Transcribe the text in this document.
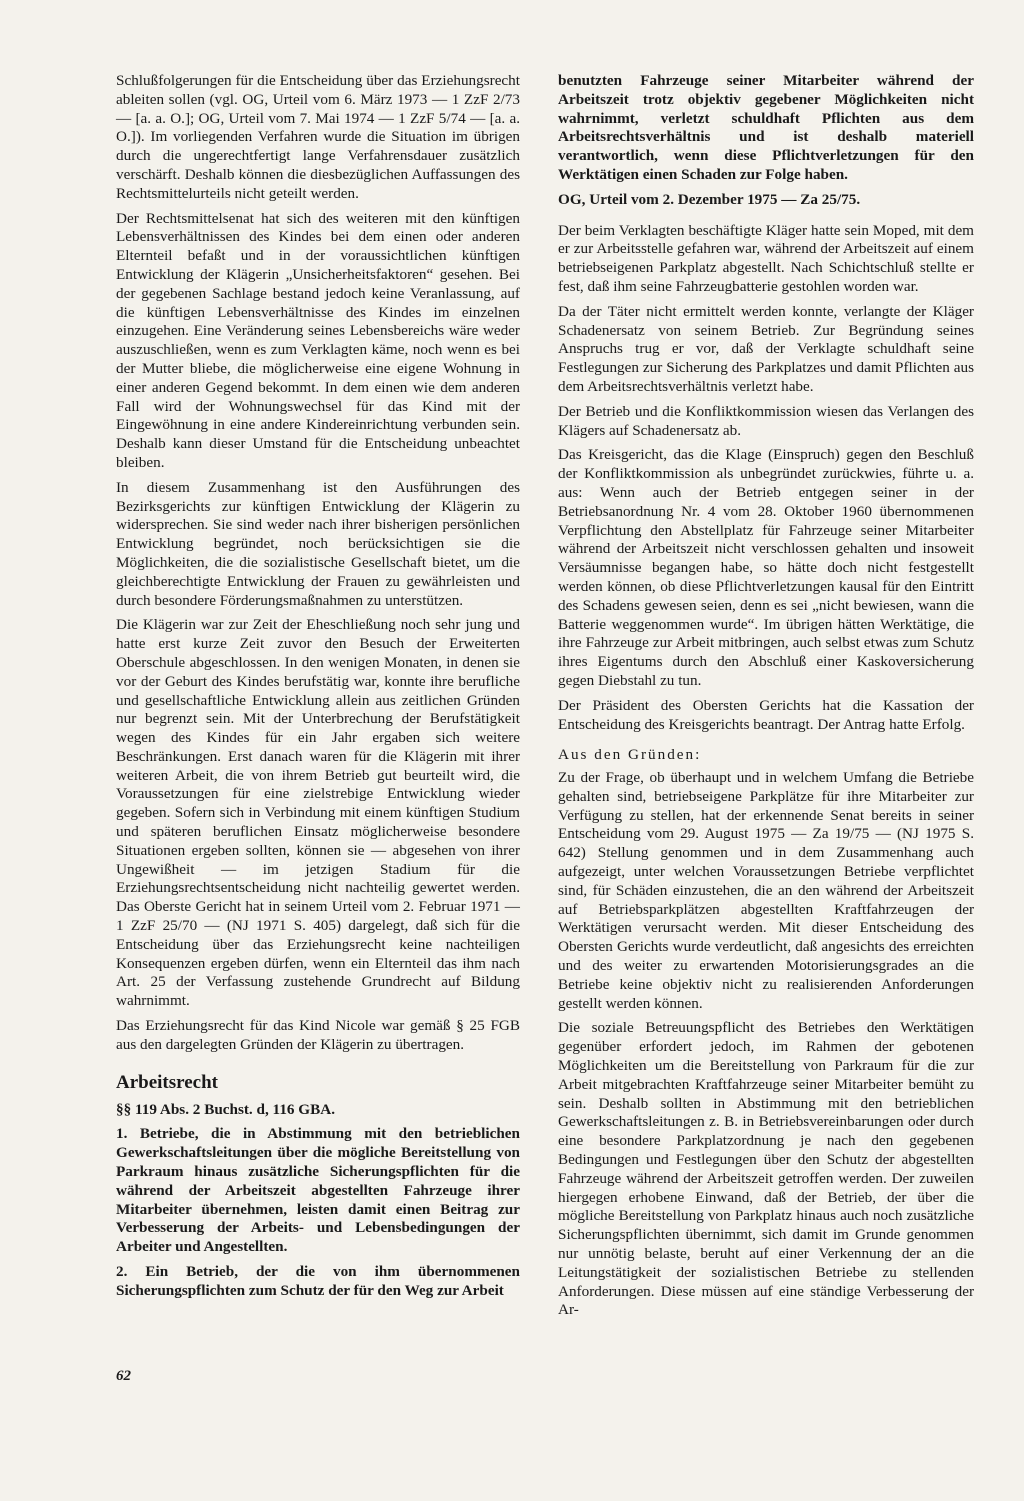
Schlußfolgerungen für die Entscheidung über das Erziehungsrecht ableiten sollen (vgl. OG, Urteil vom 6. März 1973 — 1 ZzF 2/73 — [a. a. O.]; OG, Urteil vom 7. Mai 1974 — 1 ZzF 5/74 — [a. a. O.]). Im vorliegenden Verfahren wurde die Situation im übrigen durch die ungerechtfertigt lange Verfahrensdauer zusätzlich verschärft. Deshalb können die diesbezüglichen Auffassungen des Rechtsmittelurteils nicht geteilt werden.

Der Rechtsmittelsenat hat sich des weiteren mit den künftigen Lebensverhältnissen des Kindes bei dem einen oder anderen Elternteil befaßt und in der voraussichtlichen künftigen Entwicklung der Klägerin „Unsicherheitsfaktoren“ gesehen. Bei der gegebenen Sachlage bestand jedoch keine Veranlassung, auf die künftigen Lebensverhältnisse des Kindes im einzelnen einzugehen. Eine Veränderung seines Lebensbereichs wäre weder auszuschließen, wenn es zum Verklagten käme, noch wenn es bei der Mutter bliebe, die möglicherweise eine eigene Wohnung in einer anderen Gegend bekommt. In dem einen wie dem anderen Fall wird der Wohnungswechsel für das Kind mit der Eingewöhnung in eine andere Kindereinrichtung verbunden sein. Deshalb kann dieser Umstand für die Entscheidung unbeachtet bleiben.

In diesem Zusammenhang ist den Ausführungen des Bezirksgerichts zur künftigen Entwicklung der Klägerin zu widersprechen. Sie sind weder nach ihrer bisherigen persönlichen Entwicklung begründet, noch berücksichtigen sie die Möglichkeiten, die die sozialistische Gesellschaft bietet, um die gleichberechtigte Entwicklung der Frauen zu gewährleisten und durch besondere Förderungsmaßnahmen zu unterstützen.

Die Klägerin war zur Zeit der Eheschließung noch sehr jung und hatte erst kurze Zeit zuvor den Besuch der Erweiterten Oberschule abgeschlossen. In den wenigen Monaten, in denen sie vor der Geburt des Kindes berufstätig war, konnte ihre berufliche und gesellschaftliche Entwicklung allein aus zeitlichen Gründen nur begrenzt sein. Mit der Unterbrechung der Berufstätigkeit wegen des Kindes für ein Jahr ergaben sich weitere Beschränkungen. Erst danach waren für die Klägerin mit ihrer weiteren Arbeit, die von ihrem Betrieb gut beurteilt wird, die Voraussetzungen für eine zielstrebige Entwicklung wieder gegeben. Sofern sich in Verbindung mit einem künftigen Studium und späteren beruflichen Einsatz möglicherweise besondere Situationen ergeben sollten, können sie — abgesehen von ihrer Ungewißheit — im jetzigen Stadium für die Erziehungsrechtsentscheidung nicht nachteilig gewertet werden. Das Oberste Gericht hat in seinem Urteil vom 2. Februar 1971 — 1 ZzF 25/70 — (NJ 1971 S. 405) dargelegt, daß sich für die Entscheidung über das Erziehungsrecht keine nachteiligen Konsequenzen ergeben dürfen, wenn ein Elternteil das ihm nach Art. 25 der Verfassung zustehende Grundrecht auf Bildung wahrnimmt.

Das Erziehungsrecht für das Kind Nicole war gemäß § 25 FGB aus den dargelegten Gründen der Klägerin zu übertragen.

Arbeitsrecht

§§ 119 Abs. 2 Buchst. d, 116 GBA.

1. Betriebe, die in Abstimmung mit den betrieblichen Gewerkschaftsleitungen über die mögliche Bereitstellung von Parkraum hinaus zusätzliche Sicherungspflichten für die während der Arbeitszeit abgestellten Fahrzeuge ihrer Mitarbeiter übernehmen, leisten damit einen Beitrag zur Verbesserung der Arbeits- und Lebensbedingungen der Arbeiter und Angestellten.

2. Ein Betrieb, der die von ihm übernommenen Sicherungspflichten zum Schutz der für den Weg zur Arbeit

benutzten Fahrzeuge seiner Mitarbeiter während der Arbeitszeit trotz objektiv gegebener Möglichkeiten nicht wahrnimmt, verletzt schuldhaft Pflichten aus dem Arbeitsrechtsverhältnis und ist deshalb materiell verantwortlich, wenn diese Pflichtverletzungen für den Werktätigen einen Schaden zur Folge haben.

OG, Urteil vom 2. Dezember 1975 — Za 25/75.

Der beim Verklagten beschäftigte Kläger hatte sein Moped, mit dem er zur Arbeitsstelle gefahren war, während der Arbeitszeit auf einem betriebseigenen Parkplatz abgestellt. Nach Schichtschluß stellte er fest, daß ihm seine Fahrzeugbatterie gestohlen worden war.

Da der Täter nicht ermittelt werden konnte, verlangte der Kläger Schadenersatz von seinem Betrieb. Zur Begründung seines Anspruchs trug er vor, daß der Verklagte schuldhaft seine Festlegungen zur Sicherung des Parkplatzes und damit Pflichten aus dem Arbeitsrechtsverhältnis verletzt habe.

Der Betrieb und die Konfliktkommission wiesen das Verlangen des Klägers auf Schadenersatz ab.

Das Kreisgericht, das die Klage (Einspruch) gegen den Beschluß der Konfliktkommission als unbegründet zurückwies, führte u. a. aus: Wenn auch der Betrieb entgegen seiner in der Betriebsanordnung Nr. 4 vom 28. Oktober 1960 übernommenen Verpflichtung den Abstellplatz für Fahrzeuge seiner Mitarbeiter während der Arbeitszeit nicht verschlossen gehalten und insoweit Versäumnisse begangen habe, so hätte doch nicht festgestellt werden können, ob diese Pflichtverletzungen kausal für den Eintritt des Schadens gewesen seien, denn es sei „nicht bewiesen, wann die Batterie weggenommen wurde“. Im übrigen hätten Werktätige, die ihre Fahrzeuge zur Arbeit mitbringen, auch selbst etwas zum Schutz ihres Eigentums durch den Abschluß einer Kaskoversicherung gegen Diebstahl zu tun.

Der Präsident des Obersten Gerichts hat die Kassation der Entscheidung des Kreisgerichts beantragt. Der Antrag hatte Erfolg.

Aus den Gründen:

Zu der Frage, ob überhaupt und in welchem Umfang die Betriebe gehalten sind, betriebseigene Parkplätze für ihre Mitarbeiter zur Verfügung zu stellen, hat der erkennende Senat bereits in seiner Entscheidung vom 29. August 1975 — Za 19/75 — (NJ 1975 S. 642) Stellung genommen und in dem Zusammenhang auch aufgezeigt, unter welchen Voraussetzungen Betriebe verpflichtet sind, für Schäden einzustehen, die an den während der Arbeitszeit auf Betriebsparkplätzen abgestellten Kraftfahrzeugen der Werktätigen verursacht werden. Mit dieser Entscheidung des Obersten Gerichts wurde verdeutlicht, daß angesichts des erreichten und des weiter zu erwartenden Motorisierungsgrades an die Betriebe keine objektiv nicht zu realisierenden Anforderungen gestellt werden können.

Die soziale Betreuungspflicht des Betriebes den Werktätigen gegenüber erfordert jedoch, im Rahmen der gebotenen Möglichkeiten um die Bereitstellung von Parkraum für die zur Arbeit mitgebrachten Kraftfahrzeuge seiner Mitarbeiter bemüht zu sein. Deshalb sollten in Abstimmung mit den betrieblichen Gewerkschaftsleitungen z. B. in Betriebsvereinbarungen oder durch eine besondere Parkplatzordnung je nach den gegebenen Bedingungen und Festlegungen über den Schutz der abgestellten Fahrzeuge während der Arbeitszeit getroffen werden. Der zuweilen hiergegen erhobene Einwand, daß der Betrieb, der über die mögliche Bereitstellung von Parkplatz hinaus auch noch zusätzliche Sicherungspflichten übernimmt, sich damit im Grunde genommen nur unnötig belaste, beruht auf einer Verkennung der an die Leitungstätigkeit der sozialistischen Betriebe zu stellenden Anforderungen. Diese müssen auf eine ständige Verbesserung der Ar-

62
